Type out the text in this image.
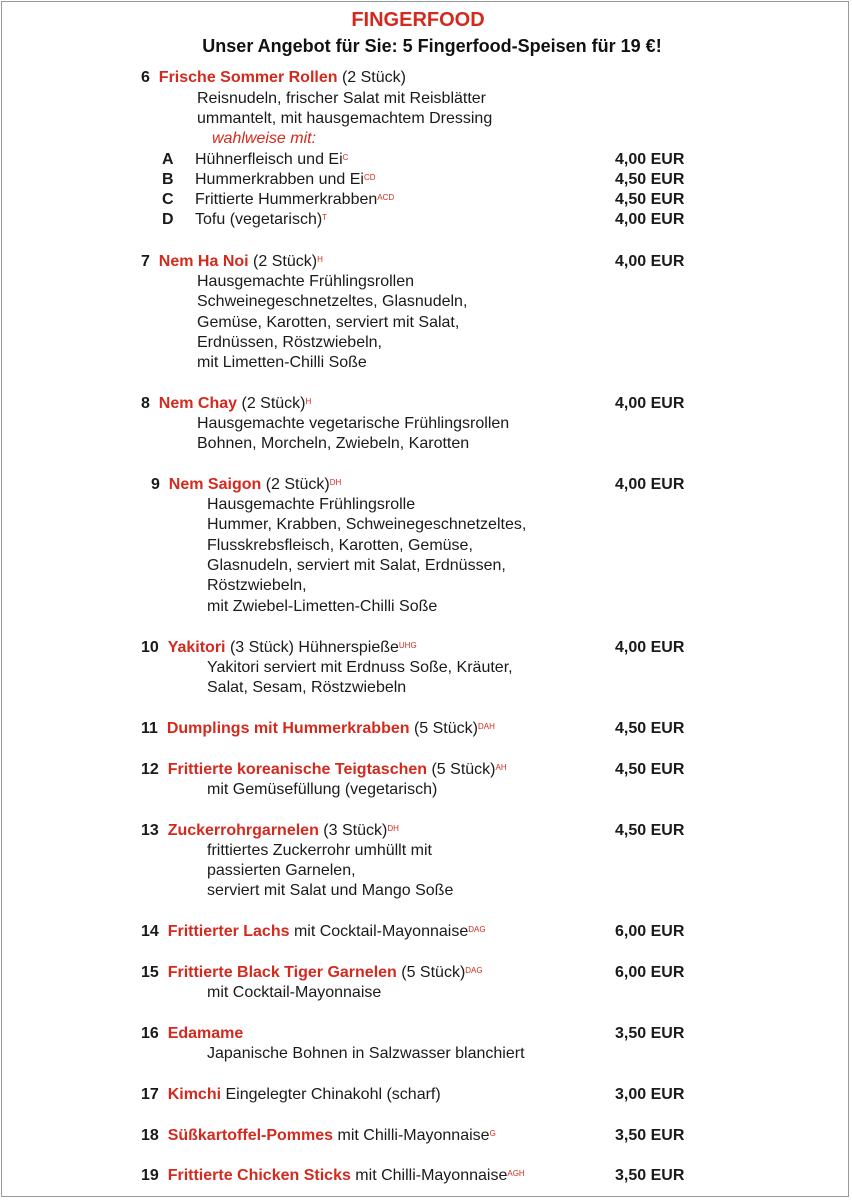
FINGERFOOD
Unser Angebot für Sie: 5 Fingerfood-Speisen für 19 €!
6 Frische Sommer Rollen (2 Stück)
Reisnudeln, frischer Salat mit Reisblätter
ummantelt, mit hausgemachtem Dressing
wahlweise mit:
A Hühnerfleisch und $Ei^C$	4,00 EUR
B Hummerkrabben und $Ei^{CD}$	4,50 EUR
C Frittierte Hummerkrabben$^{ACD}$	4,50 EUR
D Tofu (vegetarisch)$^T$	4,00 EUR
7 Nem Ha Noi (2 Stück)$^H$	4,00 EUR
Hausgemachte Frühlingsrollen
Schweinegeschnetzeltes, Glasnudeln,
Gemüse, Karotten, serviert mit Salat,
Erdnüssen, Röstzwiebeln,
mit Limetten-Chilli Soße
8 Nem Chay (2 Stück)$^H$	4,00 EUR
Hausgemachte vegetarische Frühlingsrollen
Bohnen, Morcheln, Zwiebeln, Karotten
9 Nem Saigon (2 Stück)$^{DH}$	4,00 EUR
Hausgemachte Frühlingsrolle
Hummer, Krabben, Schweinegeschnetzeltes,
Flusskrebsfleisch, Karotten, Gemüse,
Glasnudeln, serviert mit Salat, Erdnüssen,
Röstzwiebeln,
mit Zwiebel-Limetten-Chilli Soße
10 Yakitori (3 Stück) Hühnerspieße$^{UHG}$	4,00 EUR
Yakitori serviert mit Erdnuss Soße, Kräuter,
Salat, Sesam, Röstzwiebeln
11 Dumplings mit Hummerkrabben (5 Stück)$^{DAH}$	4,50 EUR
12 Frittierte koreanische Teigtaschen (5 Stück)$^{AH}$	4,50 EUR
mit Gemüsefüllung (vegetarisch)
13 Zuckerrohrgarnelen (3 Stück)$^{DH}$	4,50 EUR
frittiertes Zuckerrohr umhüllt mit
passierten Garnelen,
serviert mit Salat und Mango Soße
14 Frittierter Lachs mit Cocktail-Mayonnaise$^{DAG}$	6,00 EUR
15 Frittierte Black Tiger Garnelen (5 Stück)$^{DAG}$	6,00 EUR
mit Cocktail-Mayonnaise
16 Edamame	3,50 EUR
Japanische Bohnen in Salzwasser blanchiert
17 Kimchi Eingelegter Chinakohl (scharf)	3,00 EUR
18 Süßkartoffel-Pommes mit Chilli-Mayonnaise$^G$	3,50 EUR
19 Frittierte Chicken Sticks mit Chilli-Mayonnaise$^{AGH}$	3,50 EUR
